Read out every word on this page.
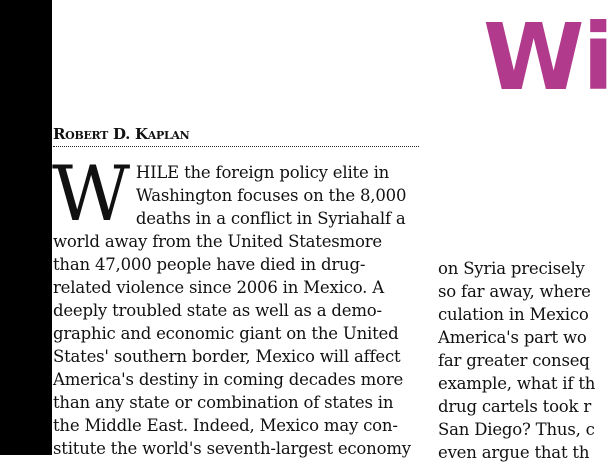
Wi
Robert D. Kaplan
W HILE the foreign policy elite in
Washington focuses on the 8,000
deaths in a conflict in Syriahalf a
world away from the United Statesmore
than 47,000 people have died in drug-
related violence since 2006 in Mexico. A
deeply troubled state as well as a demo-
graphic and economic giant on the United
States' southern border, Mexico will affect
America's destiny in coming decades more
than any state or combination of states in
the Middle East. Indeed, Mexico may con-
stitute the world's seventh-largest economy
on Syria precisely
so far away, where
culation in Mexico
America's part wo
far greater conseq
example, what if th
drug cartels took r
San Diego? Thus, c
even argue that th
